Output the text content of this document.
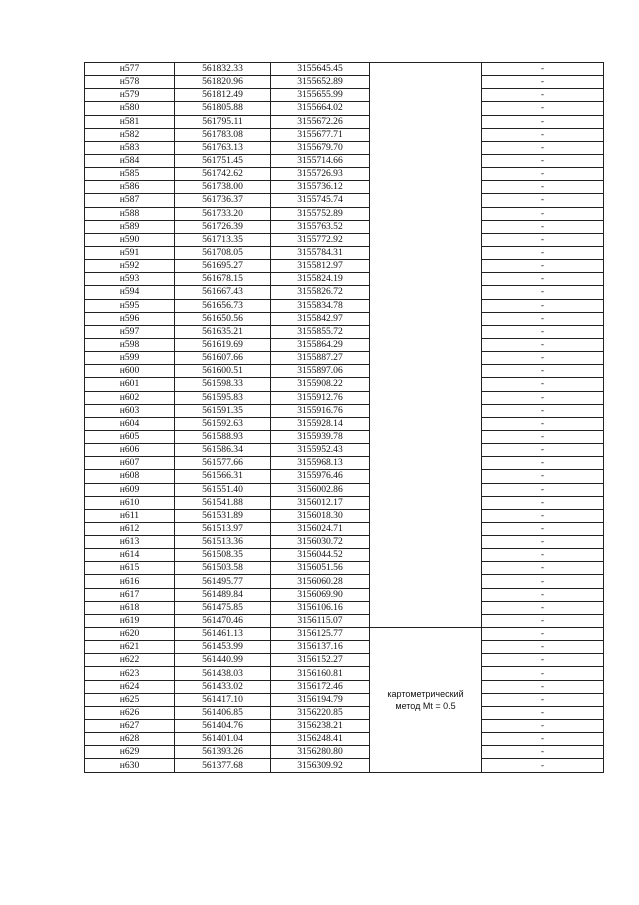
н577	561832.33	3155645.45		-
н578	561820.96	3155652.89		-
н579	561812.49	3155655.99		-
н580	561805.88	3155664.02		-
н581	561795.11	3155672.26		-
н582	561783.08	3155677.71		-
н583	561763.13	3155679.70		-
н584	561751.45	3155714.66		-
н585	561742.62	3155726.93		-
н586	561738.00	3155736.12		-
н587	561736.37	3155745.74		-
н588	561733.20	3155752.89		-
н589	561726.39	3155763.52		-
н590	561713.35	3155772.92		-
н591	561708.05	3155784.31		-
н592	561695.27	3155812.97		-
н593	561678.15	3155824.19		-
н594	561667.43	3155826.72		-
н595	561656.73	3155834.78		-
н596	561650.56	3155842.97		-
н597	561635.21	3155855.72		-
н598	561619.69	3155864.29		-
н599	561607.66	3155887.27		-
н600	561600.51	3155897.06		-
н601	561598.33	3155908.22		-
н602	561595.83	3155912.76		-
н603	561591.35	3155916.76		-
н604	561592.63	3155928.14		-
н605	561588.93	3155939.78		-
н606	561586.34	3155952.43		-
н607	561577.66	3155968.13		-
н608	561566.31	3155976.46		-
н609	561551.40	3156002.86		-
н610	561541.88	3156012.17		-
н611	561531.89	3156018.30		-
н612	561513.97	3156024.71		-
н613	561513.36	3156030.72		-
н614	561508.35	3156044.52		-
н615	561503.58	3156051.56		-
н616	561495.77	3156060.28		-
н617	561489.84	3156069.90		-
н618	561475.85	3156106.16		-
н619	561470.46	3156115.07		-
н620	561461.13	3156125.77	картометрический
метод Mt = 0.5	-
н621	561453.99	3156137.16		-
н622	561440.99	3156152.27		-
н623	561438.03	3156160.81		-
н624	561433.02	3156172.46		-
н625	561417.10	3156194.79		-
н626	561406.85	3156220.85		-
н627	561404.76	3156238.21		-
н628	561401.04	3156248.41		-
н629	561393.26	3156280.80		-
н630	561377.68	3156309.92		-
